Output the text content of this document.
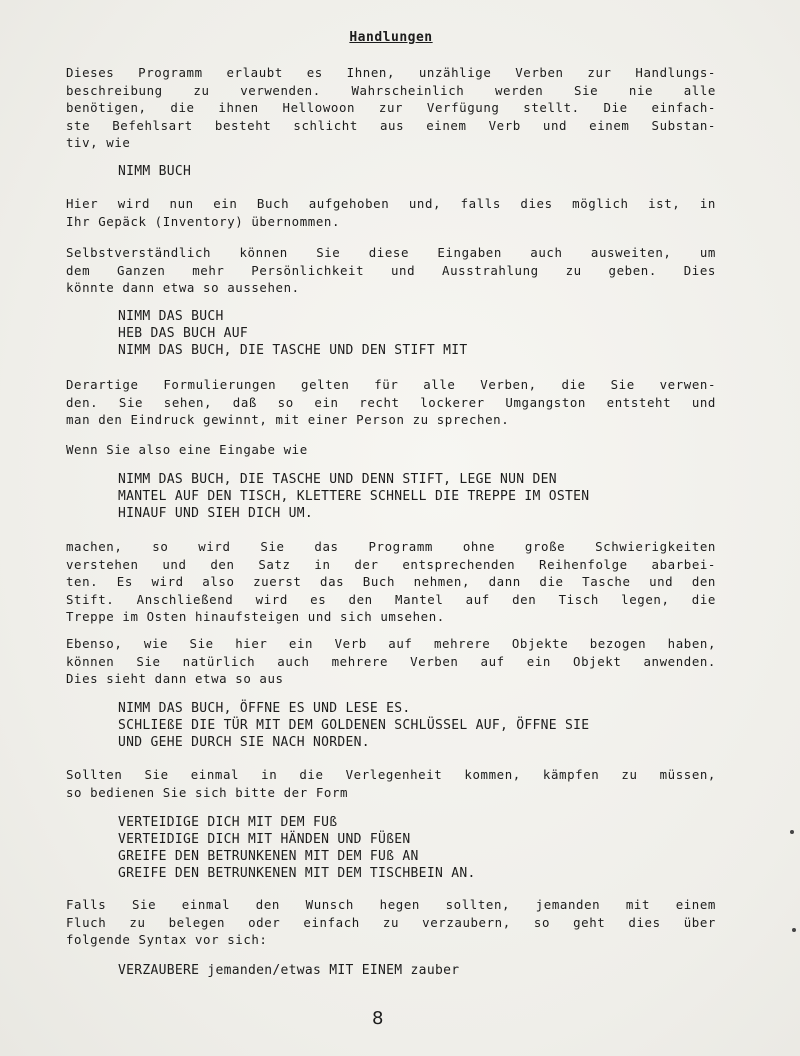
Handlungen
Dieses Programm erlaubt es Ihnen, unzählige Verben zur Handlungs-
beschreibung zu verwenden. Wahrscheinlich werden Sie nie alle
benötigen, die ihnen Hellowoon zur Verfügung stellt. Die einfach-
ste Befehlsart besteht schlicht aus einem Verb und einem Substan-
tiv, wie
NIMM BUCH
Hier wird nun ein Buch aufgehoben und, falls dies möglich ist, in
Ihr Gepäck (Inventory) übernommen.
Selbstverständlich können Sie diese Eingaben auch ausweiten, um
dem Ganzen mehr Persönlichkeit und Ausstrahlung zu geben. Dies
könnte dann etwa so aussehen.
NIMM DAS BUCH
HEB DAS BUCH AUF
NIMM DAS BUCH, DIE TASCHE UND DEN STIFT MIT
Derartige Formulierungen gelten für alle Verben, die Sie verwen-
den. Sie sehen, daß so ein recht lockerer Umgangston entsteht und
man den Eindruck gewinnt, mit einer Person zu sprechen.
Wenn Sie also eine Eingabe wie
NIMM DAS BUCH, DIE TASCHE UND DENN STIFT, LEGE NUN DEN
MANTEL AUF DEN TISCH, KLETTERE SCHNELL DIE TREPPE IM OSTEN
HINAUF UND SIEH DICH UM.
machen, so wird Sie das Programm ohne große Schwierigkeiten
verstehen und den Satz in der entsprechenden Reihenfolge abarbei-
ten. Es wird also zuerst das Buch nehmen, dann die Tasche und den
Stift. Anschließend wird es den Mantel auf den Tisch legen, die
Treppe im Osten hinaufsteigen und sich umsehen.
Ebenso, wie Sie hier ein Verb auf mehrere Objekte bezogen haben,
können Sie natürlich auch mehrere Verben auf ein Objekt anwenden.
Dies sieht dann etwa so aus
NIMM DAS BUCH, ÖFFNE ES UND LESE ES.
SCHLIEßE DIE TÜR MIT DEM GOLDENEN SCHLÜSSEL AUF, ÖFFNE SIE
UND GEHE DURCH SIE NACH NORDEN.
Sollten Sie einmal in die Verlegenheit kommen, kämpfen zu müssen,
so bedienen Sie sich bitte der Form
VERTEIDIGE DICH MIT DEM FUß
VERTEIDIGE DICH MIT HÄNDEN UND FÜßEN
GREIFE DEN BETRUNKENEN MIT DEM FUß AN
GREIFE DEN BETRUNKENEN MIT DEM TISCHBEIN AN.
Falls Sie einmal den Wunsch hegen sollten, jemanden mit einem
Fluch zu belegen oder einfach zu verzaubern, so geht dies über
folgende Syntax vor sich:
VERZAUBERE jemanden/etwas MIT EINEM zauber
8
